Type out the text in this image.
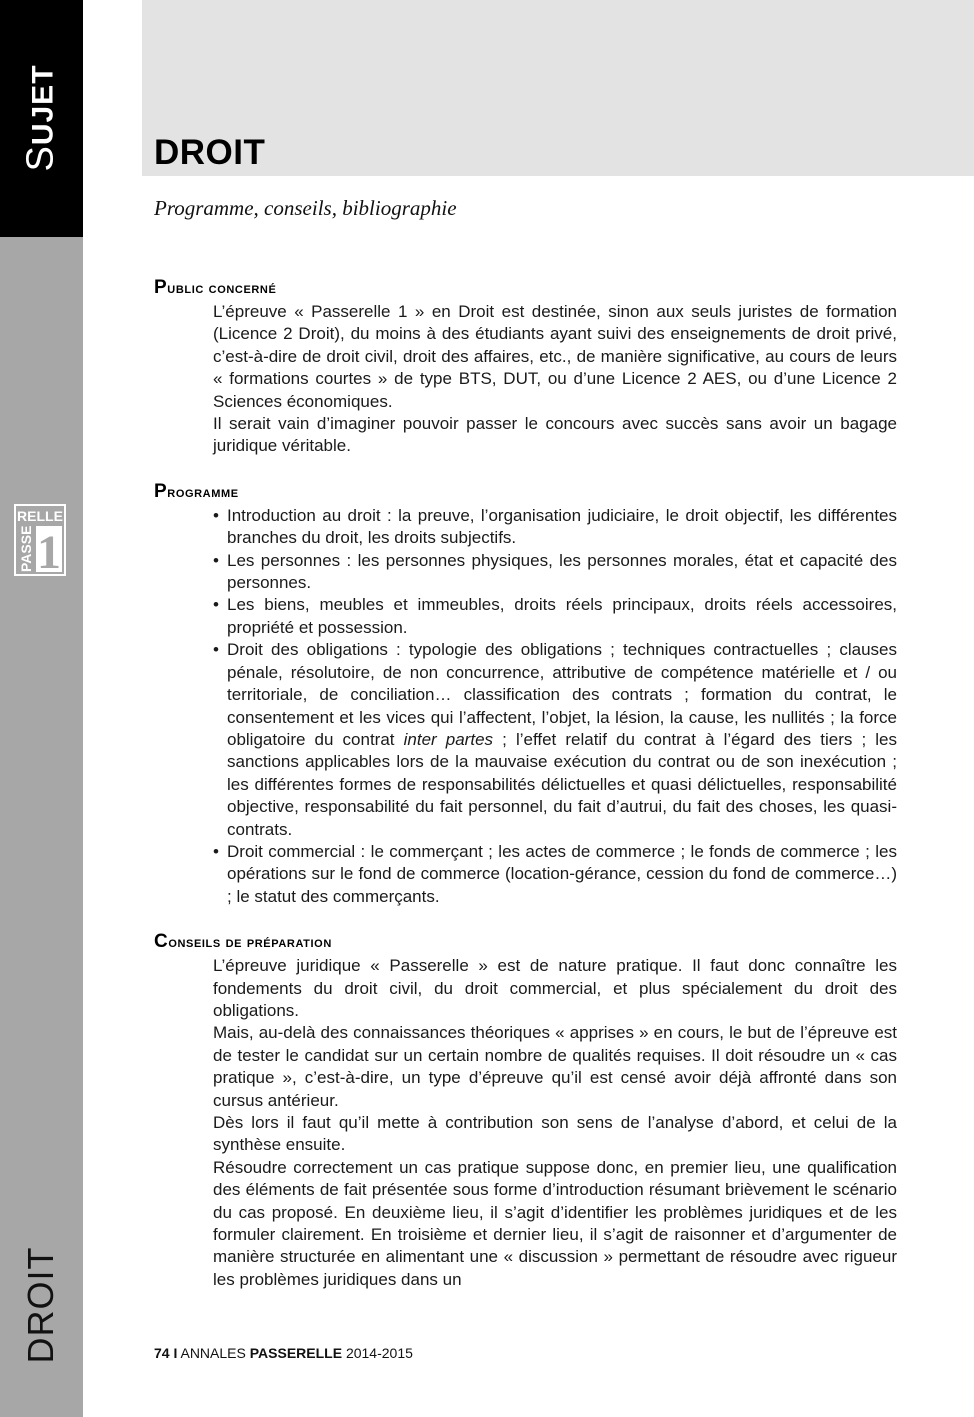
SUJET
RELLE
PASSE 1
DROIT
DROIT
Programme, conseils, bibliographie
Public concerné

L’épreuve « Passerelle 1 » en Droit est destinée, sinon aux seuls juristes de formation (Licence 2 Droit), du moins à des étudiants ayant suivi des enseignements de droit privé, c’est-à-dire de droit civil, droit des affaires, etc., de manière significative, au cours de leurs « formations courtes » de type BTS, DUT, ou d’une Licence 2 AES, ou d’une Licence 2 Sciences économiques.

Il serait vain d’imaginer pouvoir passer le concours avec succès sans avoir un bagage juridique véritable.

Programme
• Introduction au droit : la preuve, l’organisation judiciaire, le droit objectif, les différentes branches du droit, les droits subjectifs.
• Les personnes : les personnes physiques, les personnes morales, état et capacité des personnes.
• Les biens, meubles et immeubles, droits réels principaux, droits réels accessoires, propriété et possession.
• Droit des obligations : typologie des obligations ; techniques contractuelles ; clauses pénale, résolutoire, de non concurrence, attributive de compétence matérielle et / ou territoriale, de conciliation… classification des contrats ; formation du contrat, le consentement et les vices qui l’affectent, l’objet, la lésion, la cause, les nullités ; la force obligatoire du contrat inter partes ; l’effet relatif du contrat à l’égard des tiers ; les sanctions applicables lors de la mauvaise exécution du contrat ou de son inexécution ; les différentes formes de responsabilités délictuelles et quasi délictuelles, responsabilité objective, responsabilité du fait personnel, du fait d’autrui, du fait des choses, les quasi-contrats.
• Droit commercial : le commerçant ; les actes de commerce ; le fonds de commerce ; les opérations sur le fond de commerce (location-gérance, cession du fond de commerce…) ; le statut des commerçants.
Conseils de préparation

L’épreuve juridique « Passerelle » est de nature pratique. Il faut donc connaître les fondements du droit civil, du droit commercial, et plus spécialement du droit des obligations.

Mais, au-delà des connaissances théoriques « apprises » en cours, le but de l’épreuve est de tester le candidat sur un certain nombre de qualités requises. Il doit résoudre un « cas pratique », c’est-à-dire, un type d’épreuve qu’il est censé avoir déjà affronté dans son cursus antérieur.

Dès lors il faut qu’il mette à contribution son sens de l’analyse d’abord, et celui de la synthèse ensuite.

Résoudre correctement un cas pratique suppose donc, en premier lieu, une qualification des éléments de fait présentée sous forme d’introduction résumant brièvement le scénario du cas proposé. En deuxième lieu, il s’agit d’identifier les problèmes juridiques et de les formuler clairement. En troisième et dernier lieu, il s’agit de raisonner et d’argumenter de manière structurée en alimentant une « discussion » permettant de résoudre avec rigueur les problèmes juridiques dans un

74 I ANNALES PASSERELLE 2014-2015
